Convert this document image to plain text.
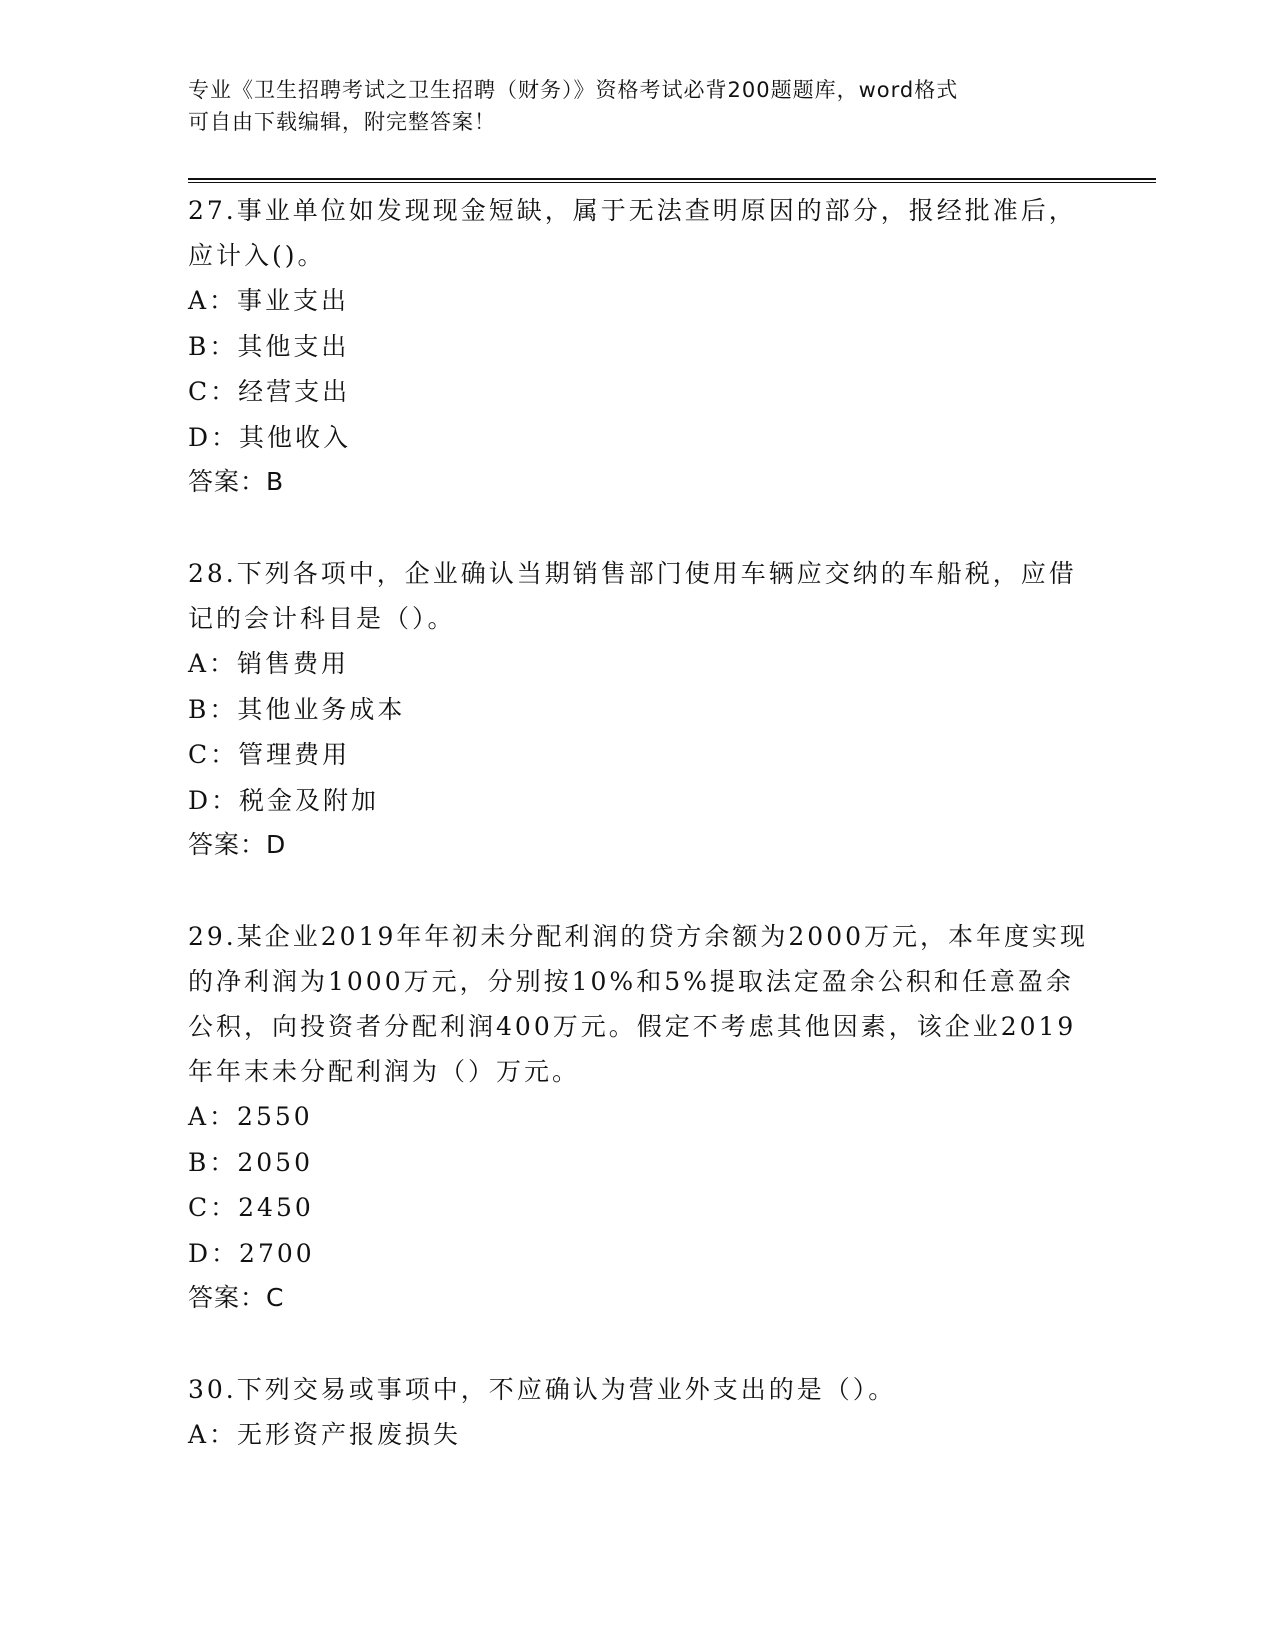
专业《卫生招聘考试之卫生招聘（财务）》资格考试必背200题题库，word格式
可自由下载编辑，附完整答案！
27.事业单位如发现现金短缺，属于无法查明原因的部分，报经批准后，应计入()。
A：事业支出
B：其他支出
C：经营支出
D：其他收入
答案：B
28.下列各项中，企业确认当期销售部门使用车辆应交纳的车船税，应借记的会计科目是（）。
A：销售费用
B：其他业务成本
C：管理费用
D：税金及附加
答案：D
29.某企业2019年年初未分配利润的贷方余额为2000万元，本年度实现的净利润为1000万元，分别按10%和5%提取法定盈余公积和任意盈余公积，向投资者分配利润400万元。假定不考虑其他因素，该企业2019年年末未分配利润为（）万元。
A：2550
B：2050
C：2450
D：2700
答案：C
30.下列交易或事项中，不应确认为营业外支出的是（）。
A：无形资产报废损失
